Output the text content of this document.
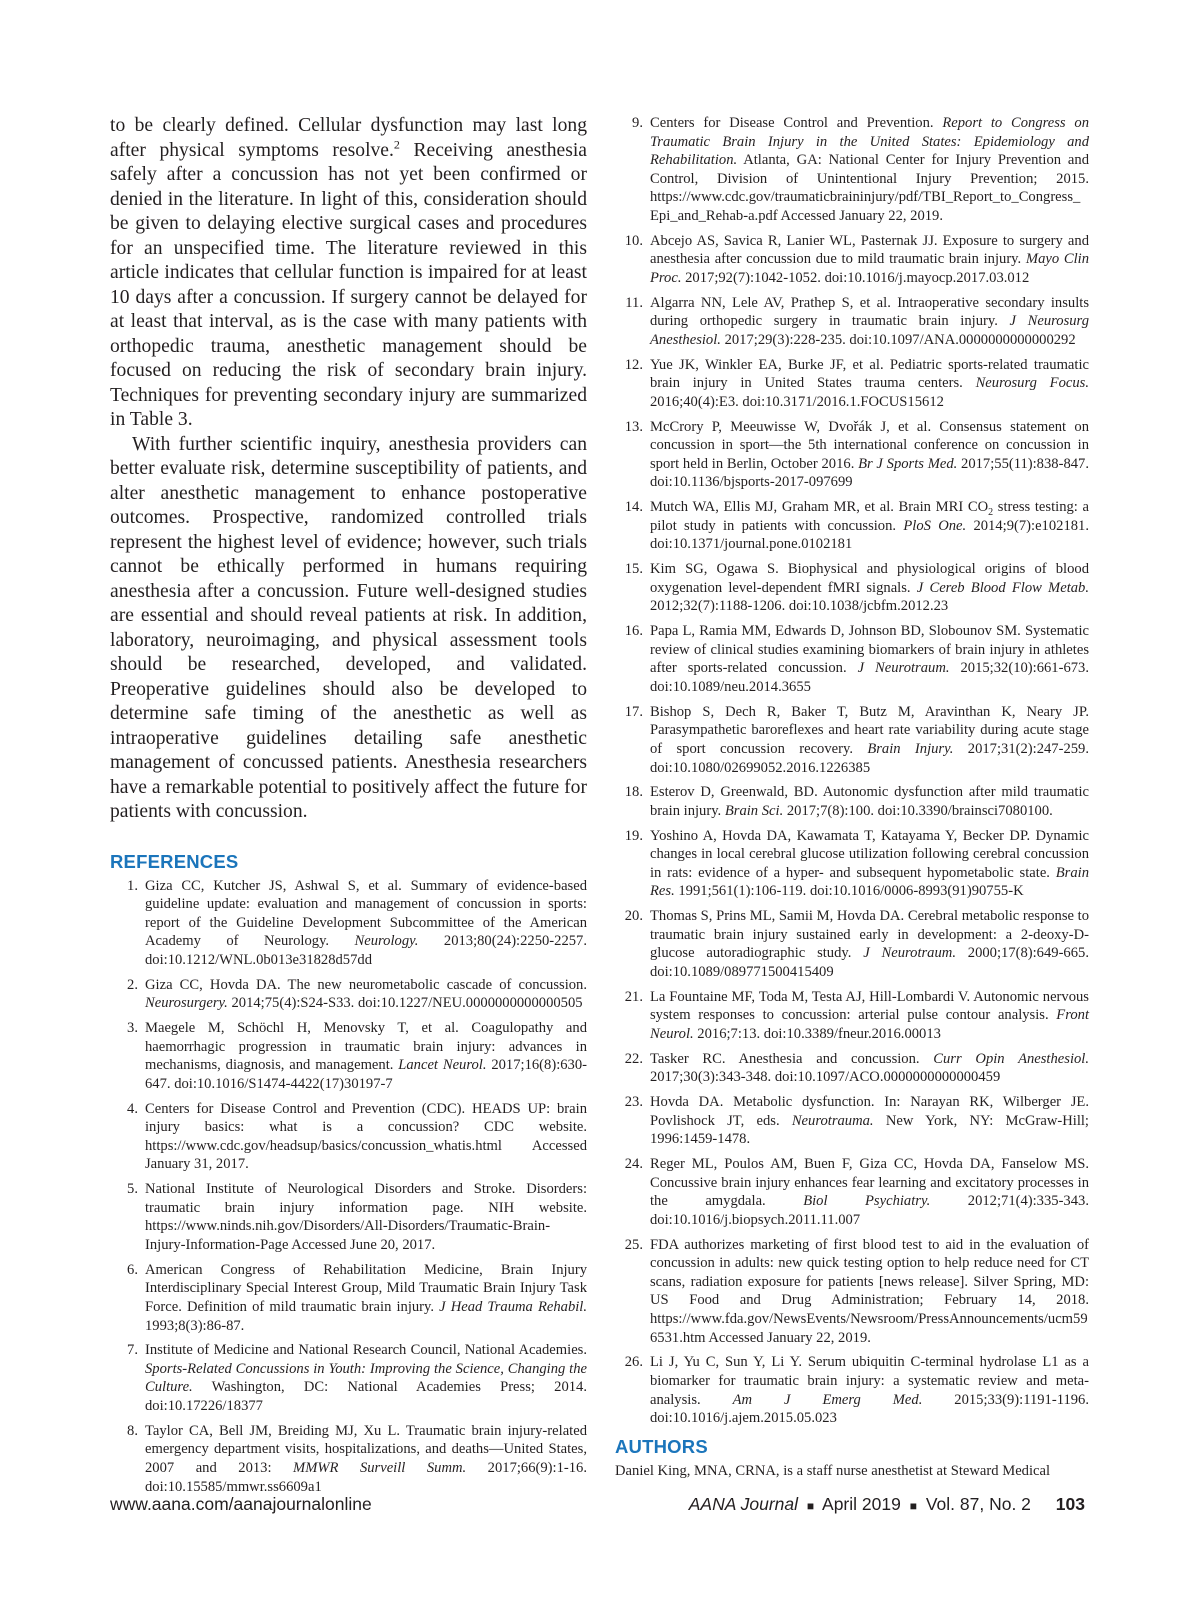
to be clearly defined. Cellular dysfunction may last long after physical symptoms resolve.$^2$ Receiving anesthesia safely after a concussion has not yet been confirmed or denied in the literature. In light of this, consideration should be given to delaying elective surgical cases and procedures for an unspecified time. The literature reviewed in this article indicates that cellular function is impaired for at least 10 days after a concussion. If surgery cannot be delayed for at least that interval, as is the case with many patients with orthopedic trauma, anesthetic management should be focused on reducing the risk of secondary brain injury. Techniques for preventing secondary injury are summarized in Table 3.

With further scientific inquiry, anesthesia providers can better evaluate risk, determine susceptibility of patients, and alter anesthetic management to enhance postoperative outcomes. Prospective, randomized controlled trials represent the highest level of evidence; however, such trials cannot be ethically performed in humans requiring anesthesia after a concussion. Future well-designed studies are essential and should reveal patients at risk. In addition, laboratory, neuroimaging, and physical assessment tools should be researched, developed, and validated. Preoperative guidelines should also be developed to determine safe timing of the anesthetic as well as intraoperative guidelines detailing safe anesthetic management of concussed patients. Anesthesia researchers have a remarkable potential to positively affect the future for patients with concussion.

REFERENCES
1. Giza CC, Kutcher JS, Ashwal S, et al. Summary of evidence-based guideline update: evaluation and management of concussion in sports: report of the Guideline Development Subcommittee of the American Academy of Neurology. Neurology. 2013;80(24):2250-2257. doi:10.1212/WNL.0b013e31828d57dd
2. Giza CC, Hovda DA. The new neurometabolic cascade of concussion. Neurosurgery. 2014;75(4):S24-S33. doi:10.1227/NEU.0000000000000505
3. Maegele M, Schöchl H, Menovsky T, et al. Coagulopathy and haemorrhagic progression in traumatic brain injury: advances in mechanisms, diagnosis, and management. Lancet Neurol. 2017;16(8):630-647. doi:10.1016/S1474-4422(17)30197-7
4. Centers for Disease Control and Prevention (CDC). HEADS UP: brain injury basics: what is a concussion? CDC website. https://www.cdc.gov/headsup/basics/concussion_whatis.html Accessed January 31, 2017.
5. National Institute of Neurological Disorders and Stroke. Disorders: traumatic brain injury information page. NIH website. https://www.ninds.nih.gov/Disorders/All-Disorders/Traumatic-Brain-Injury-Information-Page Accessed June 20, 2017.
6. American Congress of Rehabilitation Medicine, Brain Injury Interdisciplinary Special Interest Group, Mild Traumatic Brain Injury Task Force. Definition of mild traumatic brain injury. J Head Trauma Rehabil. 1993;8(3):86-87.
7. Institute of Medicine and National Research Council, National Academies. Sports-Related Concussions in Youth: Improving the Science, Changing the Culture. Washington, DC: National Academies Press; 2014. doi:10.17226/18377
8. Taylor CA, Bell JM, Breiding MJ, Xu L. Traumatic brain injury-related emergency department visits, hospitalizations, and deaths—United States, 2007 and 2013: MMWR Surveill Summ. 2017;66(9):1-16. doi:10.15585/mmwr.ss6609a1
9. Centers for Disease Control and Prevention. Report to Congress on Traumatic Brain Injury in the United States: Epidemiology and Rehabilitation. Atlanta, GA: National Center for Injury Prevention and Control, Division of Unintentional Injury Prevention; 2015. https://www.cdc.gov/traumaticbraininjury/pdf/TBI_Report_to_Congress_Epi_and_Rehab-a.pdf Accessed January 22, 2019.
10. Abcejo AS, Savica R, Lanier WL, Pasternak JJ. Exposure to surgery and anesthesia after concussion due to mild traumatic brain injury. Mayo Clin Proc. 2017;92(7):1042-1052. doi:10.1016/j.mayocp.2017.03.012
11. Algarra NN, Lele AV, Prathep S, et al. Intraoperative secondary insults during orthopedic surgery in traumatic brain injury. J Neurosurg Anesthesiol. 2017;29(3):228-235. doi:10.1097/ANA.0000000000000292
12. Yue JK, Winkler EA, Burke JF, et al. Pediatric sports-related traumatic brain injury in United States trauma centers. Neurosurg Focus. 2016;40(4):E3. doi:10.3171/2016.1.FOCUS15612
13. McCrory P, Meeuwisse W, Dvořák J, et al. Consensus statement on concussion in sport—the 5th international conference on concussion in sport held in Berlin, October 2016. Br J Sports Med. 2017;55(11):838-847. doi:10.1136/bjsports-2017-097699
14. Mutch WA, Ellis MJ, Graham MR, et al. Brain MRI $CO_2$ stress testing: a pilot study in patients with concussion. PloS One. 2014;9(7):e102181. doi:10.1371/journal.pone.0102181
15. Kim SG, Ogawa S. Biophysical and physiological origins of blood oxygenation level-dependent fMRI signals. J Cereb Blood Flow Metab. 2012;32(7):1188-1206. doi:10.1038/jcbfm.2012.23
16. Papa L, Ramia MM, Edwards D, Johnson BD, Slobounov SM. Systematic review of clinical studies examining biomarkers of brain injury in athletes after sports-related concussion. J Neurotraum. 2015;32(10):661-673. doi:10.1089/neu.2014.3655
17. Bishop S, Dech R, Baker T, Butz M, Aravinthan K, Neary JP. Parasympathetic baroreflexes and heart rate variability during acute stage of sport concussion recovery. Brain Injury. 2017;31(2):247-259. doi:10.1080/02699052.2016.1226385
18. Esterov D, Greenwald, BD. Autonomic dysfunction after mild traumatic brain injury. Brain Sci. 2017;7(8):100. doi:10.3390/brainsci7080100.
19. Yoshino A, Hovda DA, Kawamata T, Katayama Y, Becker DP. Dynamic changes in local cerebral glucose utilization following cerebral concussion in rats: evidence of a hyper- and subsequent hypometabolic state. Brain Res. 1991;561(1):106-119. doi:10.1016/0006-8993(91)90755-K
20. Thomas S, Prins ML, Samii M, Hovda DA. Cerebral metabolic response to traumatic brain injury sustained early in development: a 2-deoxy-D-glucose autoradiographic study. J Neurotraum. 2000;17(8):649-665. doi:10.1089/089771500415409
21. La Fountaine MF, Toda M, Testa AJ, Hill-Lombardi V. Autonomic nervous system responses to concussion: arterial pulse contour analysis. Front Neurol. 2016;7:13. doi:10.3389/fneur.2016.00013
22. Tasker RC. Anesthesia and concussion. Curr Opin Anesthesiol. 2017;30(3):343-348. doi:10.1097/ACO.0000000000000459
23. Hovda DA. Metabolic dysfunction. In: Narayan RK, Wilberger JE. Povlishock JT, eds. Neurotrauma. New York, NY: McGraw-Hill; 1996:1459-1478.
24. Reger ML, Poulos AM, Buen F, Giza CC, Hovda DA, Fanselow MS. Concussive brain injury enhances fear learning and excitatory processes in the amygdala. Biol Psychiatry. 2012;71(4):335-343. doi:10.1016/j.biopsych.2011.11.007
25. FDA authorizes marketing of first blood test to aid in the evaluation of concussion in adults: new quick testing option to help reduce need for CT scans, radiation exposure for patients [news release]. Silver Spring, MD: US Food and Drug Administration; February 14, 2018. https://www.fda.gov/NewsEvents/Newsroom/PressAnnouncements/ucm596531.htm Accessed January 22, 2019.
26. Li J, Yu C, Sun Y, Li Y. Serum ubiquitin C-terminal hydrolase L1 as a biomarker for traumatic brain injury: a systematic review and meta-analysis. Am J Emerg Med. 2015;33(9):1191-1196. doi:10.1016/j.ajem.2015.05.023
AUTHORS

Daniel King, MNA, CRNA, is a staff nurse anesthetist at Steward Medical

www.aana.com/aanajournalonline	AANA Journal ■ April 2019 ■ Vol. 87, No. 2 103
